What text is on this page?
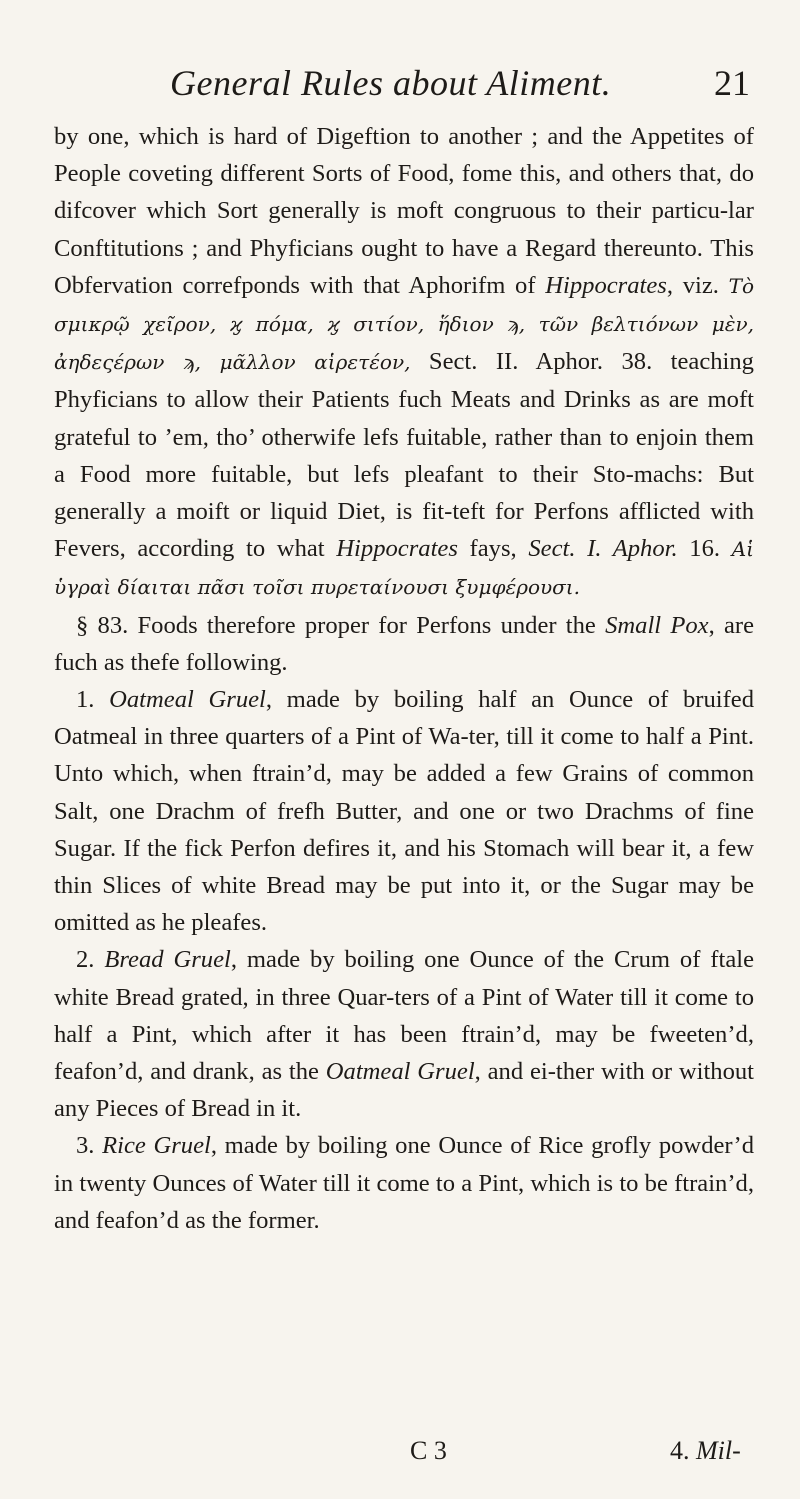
General Rules about Aliment.	21

by one, which is hard of Digeftion to another ; and the Appetites of People coveting different Sorts of Food, fome this, and others that, do difcover which Sort generally is moft congruous to their particu-lar Conftitutions ; and Phyficians ought to have a Regard thereunto. This Obfervation correfponds with that Aphorifm of Hippocrates, viz. Τὸ σμικρῷ χεῖρον, ϗ πόμα, ϗ σιτίον, ἥδιον ϡ, τῶν βελτιόνων μὲν, ἀηδεςέρων ϡ, μᾶλλον αἱρετέον, Sect. II. Aphor. 38. teaching Phyficians to allow their Patients fuch Meats and Drinks as are moft grateful to ’em, tho’ otherwife lefs fuitable, rather than to enjoin them a Food more fuitable, but lefs pleafant to their Sto-machs: But generally a moift or liquid Diet, is fit-teft for Perfons afflicted with Fevers, according to what Hippocrates fays, Sect. I. Aphor. 16. Αἱ ὑγραὶ δίαιται πᾶσι τοῖσι πυρεταίνουσι ξυμφέρουσι.

§ 83. Foods therefore proper for Perfons under the Small Pox, are fuch as thefe following.

1. Oatmeal Gruel, made by boiling half an Ounce of bruifed Oatmeal in three quarters of a Pint of Wa-ter, till it come to half a Pint. Unto which, when ftrain’d, may be added a few Grains of common Salt, one Drachm of frefh Butter, and one or two Drachms of fine Sugar. If the fick Perfon defires it, and his Stomach will bear it, a few thin Slices of white Bread may be put into it, or the Sugar may be omitted as he pleafes.

2. Bread Gruel, made by boiling one Ounce of the Crum of ftale white Bread grated, in three Quar-ters of a Pint of Water till it come to half a Pint, which after it has been ftrain’d, may be fweeten’d, feafon’d, and drank, as the Oatmeal Gruel, and ei-ther with or without any Pieces of Bread in it.

3. Rice Gruel, made by boiling one Ounce of Rice grofly powder’d in twenty Ounces of Water till it come to a Pint, which is to be ftrain’d, and feafon’d as the former.

C 3	4. Mil-
